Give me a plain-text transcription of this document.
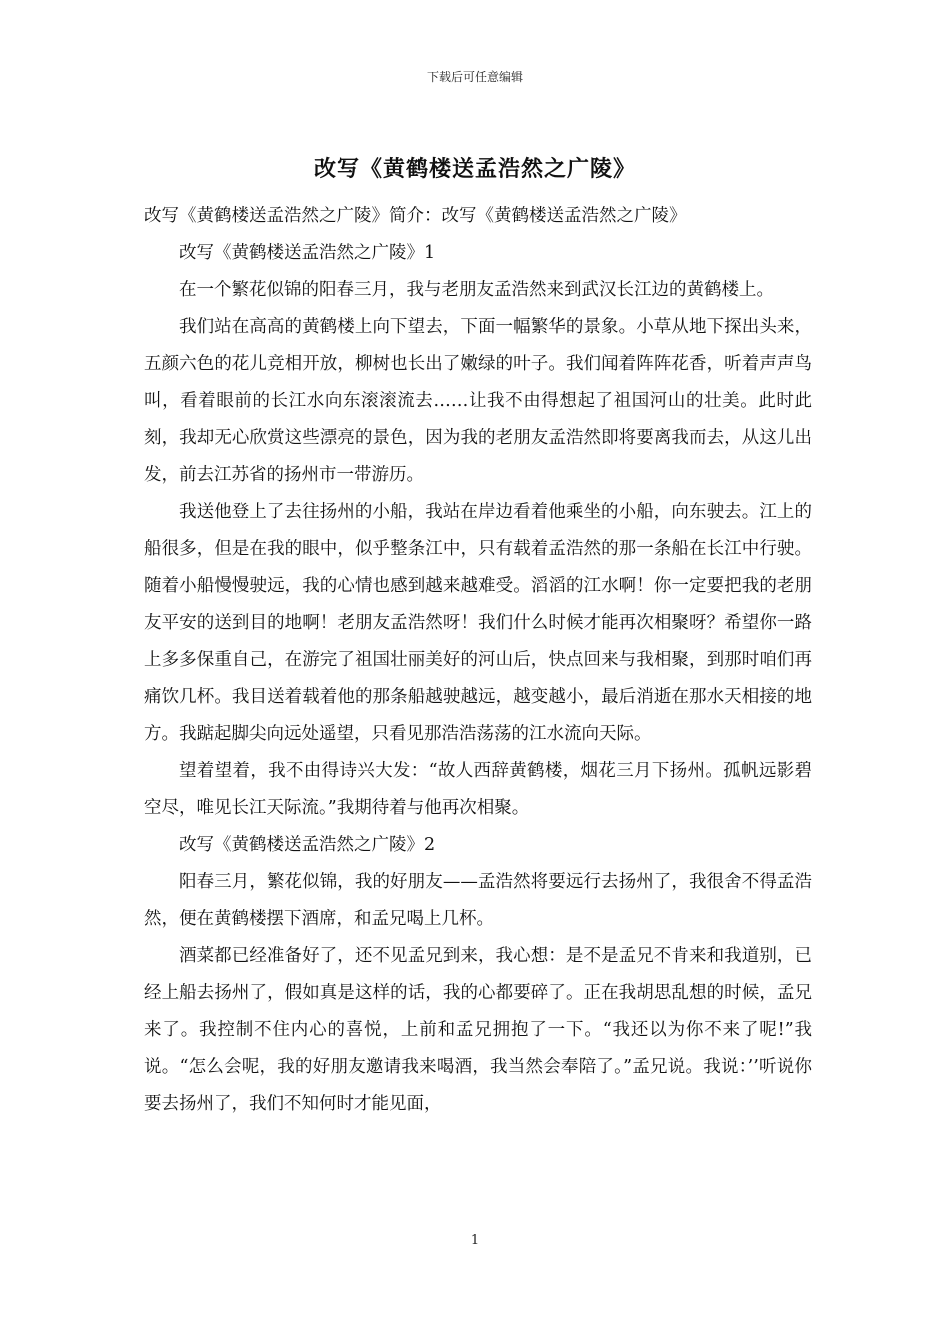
下载后可任意编辑
改写《黄鹤楼送孟浩然之广陵》

改写《黄鹤楼送孟浩然之广陵》简介：改写《黄鹤楼送孟浩然之广陵》

改写《黄鹤楼送孟浩然之广陵》1

在一个繁花似锦的阳春三月，我与老朋友孟浩然来到武汉长江边的黄鹤楼上。

我们站在高高的黄鹤楼上向下望去，下面一幅繁华的景象。小草从地下探出头来，五颜六色的花儿竞相开放，柳树也长出了嫩绿的叶子。我们闻着阵阵花香，听着声声鸟叫，看着眼前的长江水向东滚滚流去……让我不由得想起了祖国河山的壮美。此时此刻，我却无心欣赏这些漂亮的景色，因为我的老朋友孟浩然即将要离我而去，从这儿出发，前去江苏省的扬州市一带游历。

我送他登上了去往扬州的小船，我站在岸边看着他乘坐的小船，向东驶去。江上的船很多，但是在我的眼中，似乎整条江中，只有载着孟浩然的那一条船在长江中行驶。随着小船慢慢驶远，我的心情也感到越来越难受。滔滔的江水啊！你一定要把我的老朋友平安的送到目的地啊！老朋友孟浩然呀！我们什么时候才能再次相聚呀？希望你一路上多多保重自己，在游完了祖国壮丽美好的河山后，快点回来与我相聚，到那时咱们再痛饮几杯。我目送着载着他的那条船越驶越远，越变越小，最后消逝在那水天相接的地方。我踮起脚尖向远处遥望，只看见那浩浩荡荡的江水流向天际。

望着望着，我不由得诗兴大发：“故人西辞黄鹤楼，烟花三月下扬州。孤帆远影碧空尽，唯见长江天际流。”我期待着与他再次相聚。

改写《黄鹤楼送孟浩然之广陵》2

阳春三月，繁花似锦，我的好朋友——孟浩然将要远行去扬州了，我很舍不得孟浩然，便在黄鹤楼摆下酒席，和孟兄喝上几杯。

酒菜都已经准备好了，还不见孟兄到来，我心想：是不是孟兄不肯来和我道别，已经上船去扬州了，假如真是这样的话，我的心都要碎了。正在我胡思乱想的时候，孟兄来了。我控制不住内心的喜悦，上前和孟兄拥抱了一下。“我还以为你不来了呢!”我说。“怎么会呢，我的好朋友邀请我来喝酒，我当然会奉陪了。”孟兄说。我说：’’听说你要去扬州了，我们不知何时才能见面，

1
